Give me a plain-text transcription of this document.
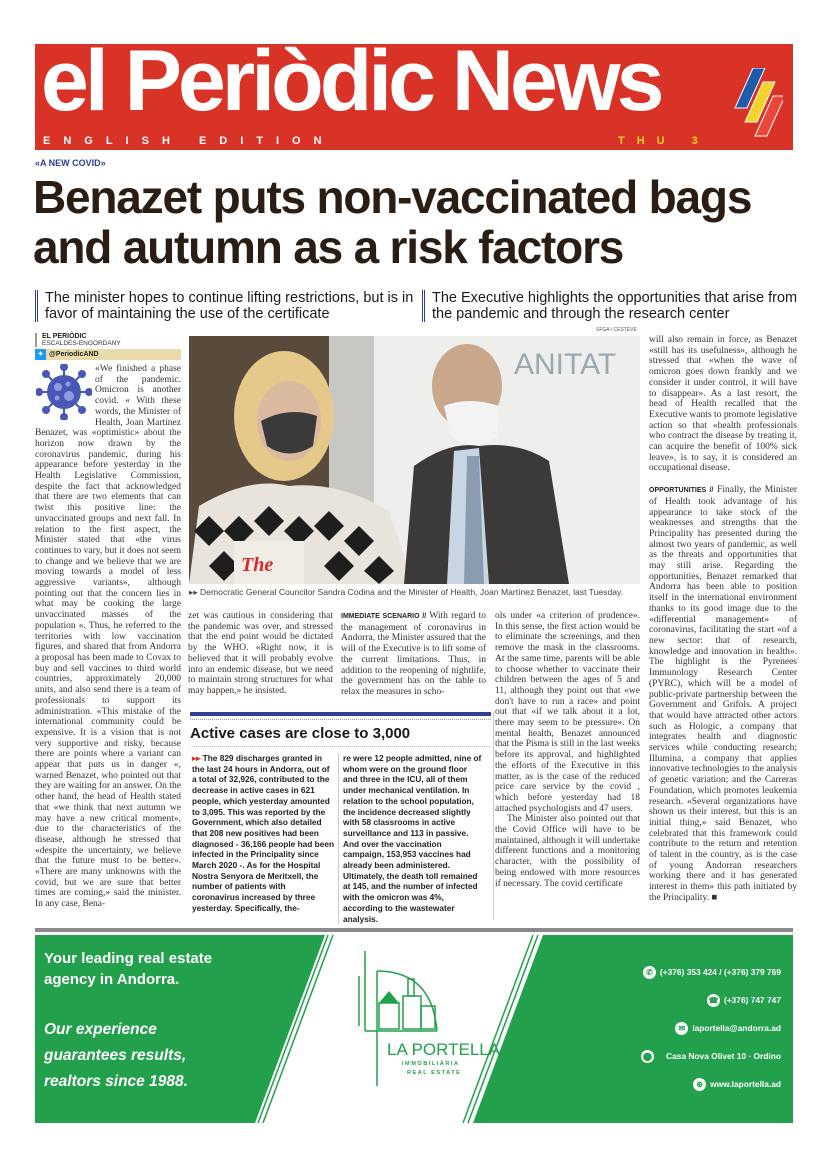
el Periòdic News
ENGLISH EDITION	THU 3
«A NEW COVID»
Benazet puts non-vaccinated bags and autumn as a risk factors
The minister hopes to continue lifting restrictions, but is in favor of maintaining the use of the certificate
The Executive highlights the opportunities that arise from the pandemic and through the research center
EL PERIÒDIC
ESCALDES-ENGORDANY
✦ @PeriodicAND
«We finished a phase of the pandemic. Omicron is another covid. « With these words, the Minister of Health, Joan Martínez Benazet, was «optimistic» about the horizon now drawn by the coronavirus pandemic, during his appearance before yesterday in the Health Legislative Commission, despite the fact that acknowledged that there are two elements that can twist this positive line: the unvaccinated groups and next fall. In relation to the first aspect, the Minister stated that «the virus continues to vary, but it does not seem to change and we believe that we are moving towards a model of less aggressive variants», although pointing out that the concern lies in what may be cooking the large unvaccinated masses of the population «. Thus, he referred to the territories with low vaccination figures, and shared that from Andorra a proposal has been made to Covax to buy and sell vaccines to third world countries, approximately 20,000 units, and also send there is a team of professionals to support its administration. «This mistake of the international community could be expensive. It is a vision that is not very supportive and risky, because there are points where a variant can appear that puts us in danger «, warned Benazet, who pointed out that they are waiting for an answer. On the other hand, the head of Health stated that «we think that next autumn we may have a new critical moment», due to the characteristics of the disease, although he stressed that «despite the uncertainty, we believe that the future must to be better». «There are many unknowns with the covid, but we are sure that better times are coming,» said the minister. In any case, Bena-
SFGA / CESTEVE
ANITAT
The
▸▸ Democratic General Councilor Sandra Codina and the Minister of Health, Joan Martínez Benazet, last Tuesday.
zet was cautious in considering that the pandemic was over, and stressed that the end point would be dictated by the WHO. «Right now, it is believed that it will probably evolve into an endemic disease, but we need to maintain strong structures for what may happen,» he insisted.
IMMEDIATE SCENARIO // With regard to the management of coronavirus in Andorra, the Minister assured that the will of the Executive is to lift some of the current limitations. Thus, in addition to the reopening of nightlife, the government has on the table to relax the measures in scho-
ols under «a criterion of prudence». In this sense, the first action would be to eliminate the screenings, and then remove the mask in the classrooms. At the same time, parents will be able to choose whether to vaccinate their children between the ages of 5 and 11, although they point out that «we don't have to run a race» and point out that «if we talk about it a lot, there may seem to be pressure». On mental health, Benazet announced that the Pisma is still in the last weeks before its approval, and highlighted the efforts of the Executive in this matter, as is the case of the reduced price care service by the covid , which before yesterday had 18 attached psychologists and 47 users.
The Minister also pointed out that the Covid Office will have to be maintained, although it will undertake different functions and a monitoring character, with the possibility of being endowed with more resources if necessary. The covid certificate
will also remain in force, as Benazet «still has its usefulness», although he stressed that «when the wave of omicron goes down frankly and we consider it under control, it will have to disappear». As a last resort, the head of Health recalled that the Executive wants to promote legislative action so that «health professionals who contract the disease by treating it, can acquire the benefit of 100% sick leave», is to say, it is considered an occupational disease.
OPPORTUNITIES // Finally, the Minister of Health took advantage of his appearance to take stock of the weaknesses and strengths that the Principality has presented during the almost two years of pandemic, as well as the threats and opportunities that may still arise. Regarding the opportunities, Benazet remarked that Andorra has been able to position itself in the international environment thanks to its good image due to the «differential management» of coronavirus, facilitating the start «of a new sector: that of research, knowledge and innovation in health». The highlight is the Pyrenees Immunology Research Center (PYRC), which will be a model of public-private partnership between the Government and Grifols. A project that would have attracted other actors such as Hologic, a company that integrates health and diagnostic services while conducting research; Illumina, a company that applies innovative technologies to the analysis of genetic variation; and the Carreras Foundation, which promotes leukemia research. «Several organizations have shown us their interest, but this is an initial thing,» said Benazet, who celebrated that this framework could contribute to the return and retention of talent in the country, as is the case of young Andorran researchers working there and it has generated interest in them» this path initiated by the Principality. ■
Active cases are close to 3,000
▸▸ The 829 discharges granted in the last 24 hours in Andorra, out of a total of 32,926, contributed to the decrease in active cases in 621 people, which yesterday amounted to 3,095. This was reported by the Government, which also detailed that 208 new positives had been diagnosed - 36,166 people had been infected in the Principality since March 2020 -. As for the Hospital Nostra Senyora de Meritxell, the number of patients with coronavirus increased by three yesterday. Specifically, the-
re were 12 people admitted, nine of whom were on the ground floor and three in the ICU, all of them under mechanical ventilation. In relation to the school population, the incidence decreased slightly with 58 classrooms in active surveillance and 113 in passive. And over the vaccination campaign, 153,953 vaccines had already been administered. Ultimately, the death toll remained at 145, and the number of infected with the omicron was 4%, according to the wastewater analysis.
Your leading real estate
agency in Andorra.
Our experience
guarantees results,
realtors since 1988.
LA PORTELLA
IMMOBILIÀRIA
REAL ESTATE
✆ (+376) 353 424 / (+376) 379 769
☎ (+376) 747 747
✉ laportella@andorra.ad
⬤ Casa Nova Olivet 10 · Ordino
⊕ www.laportella.ad
